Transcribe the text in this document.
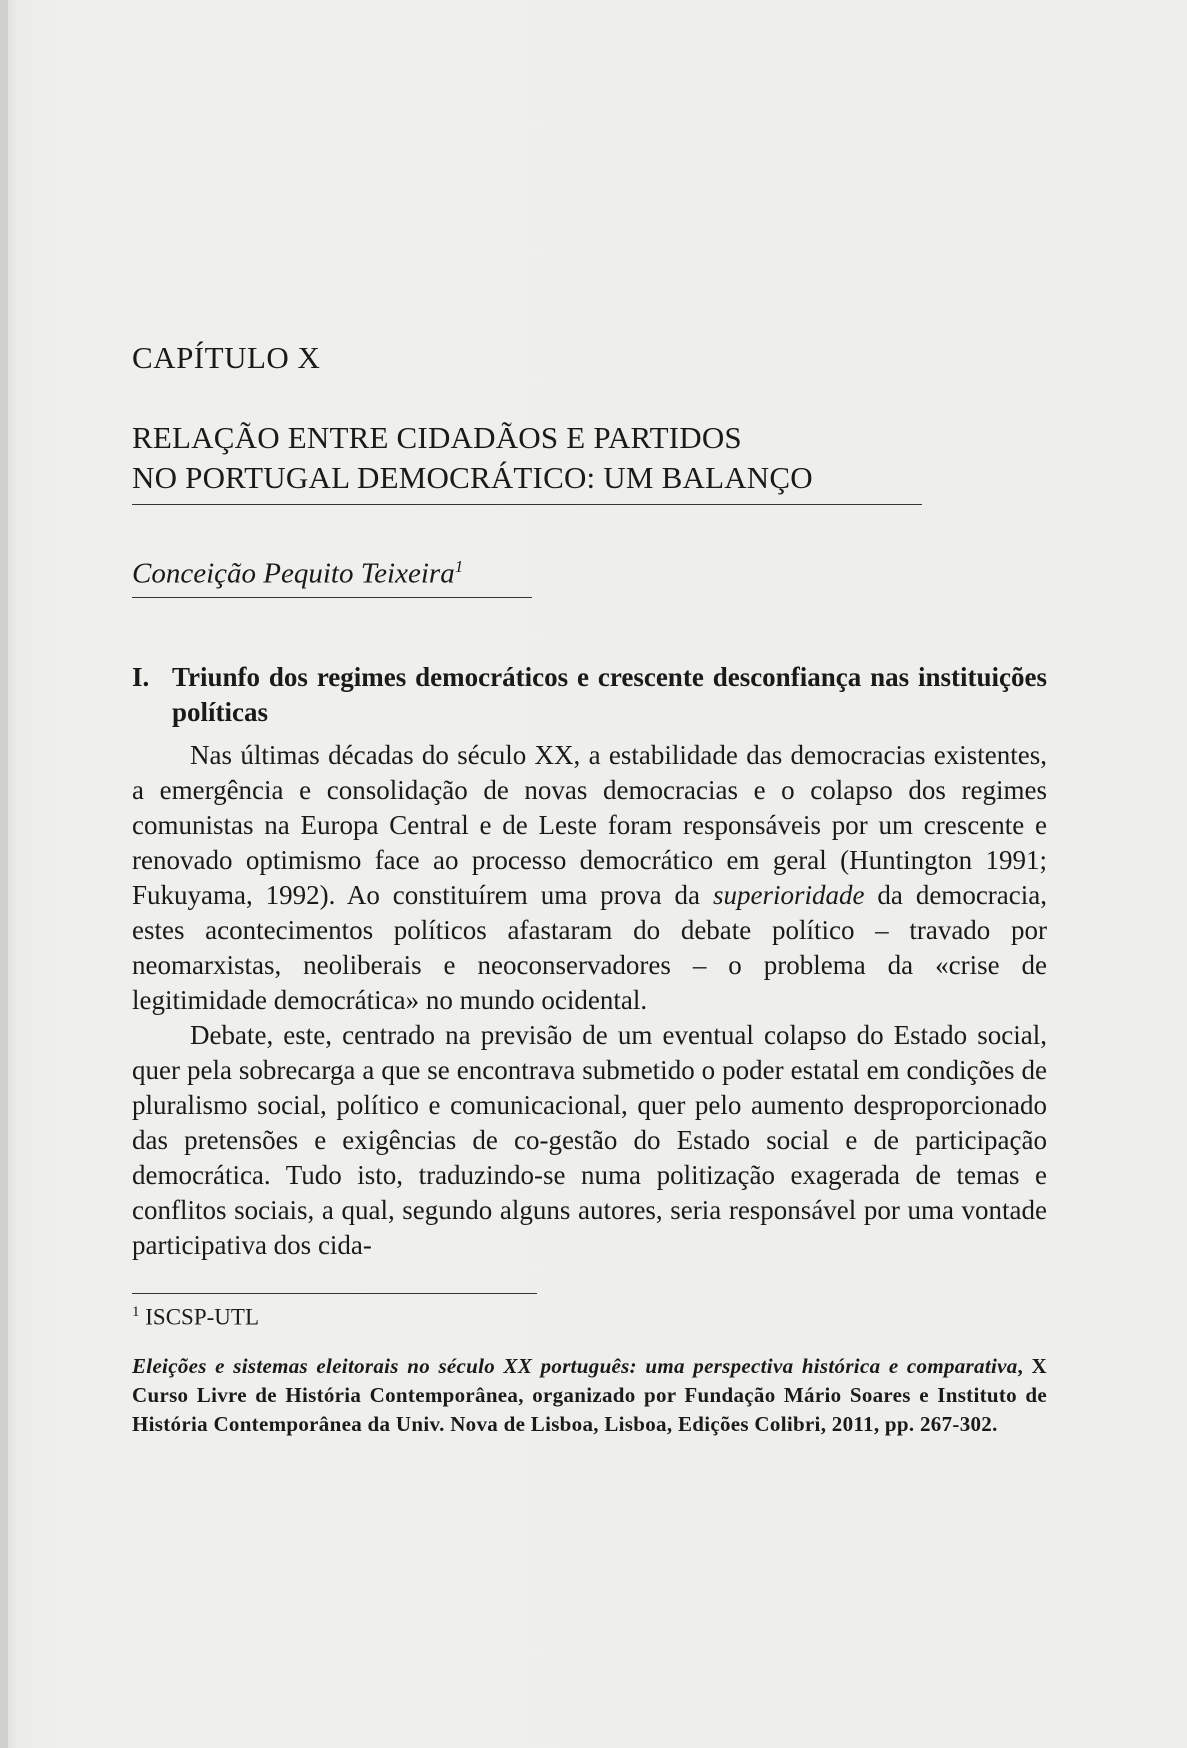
CAPÍTULO X
RELAÇÃO ENTRE CIDADÃOS E PARTIDOS
NO PORTUGAL DEMOCRÁTICO: UM BALANÇO
Conceição Pequito Teixeira$^1$
I. Triunfo dos regimes democráticos e crescente desconfiança nas instituições políticas

Nas últimas décadas do século XX, a estabilidade das democracias existentes, a emergência e consolidação de novas democracias e o colapso dos regimes comunistas na Europa Central e de Leste foram responsáveis por um crescente e renovado optimismo face ao processo democrático em geral (Huntington 1991; Fukuyama, 1992). Ao constituírem uma prova da superioridade da democracia, estes acontecimentos políticos afastaram do debate político – travado por neomarxistas, neoliberais e neoconservadores – o problema da «crise de legitimidade democrática» no mundo ocidental.

Debate, este, centrado na previsão de um eventual colapso do Estado social, quer pela sobrecarga a que se encontrava submetido o poder estatal em condições de pluralismo social, político e comunicacional, quer pelo aumento desproporcionado das pretensões e exigências de co-gestão do Estado social e de participação democrática. Tudo isto, traduzindo-se numa politização exagerada de temas e conflitos sociais, a qual, segundo alguns autores, seria responsável por uma vontade participativa dos cida-

$^1$ ISCSP-UTL
Eleições e sistemas eleitorais no século XX português: uma perspectiva histórica e comparativa, X Curso Livre de História Contemporânea, organizado por Fundação Mário Soares e Instituto de História Contemporânea da Univ. Nova de Lisboa, Lisboa, Edições Colibri, 2011, pp. 267-302.
